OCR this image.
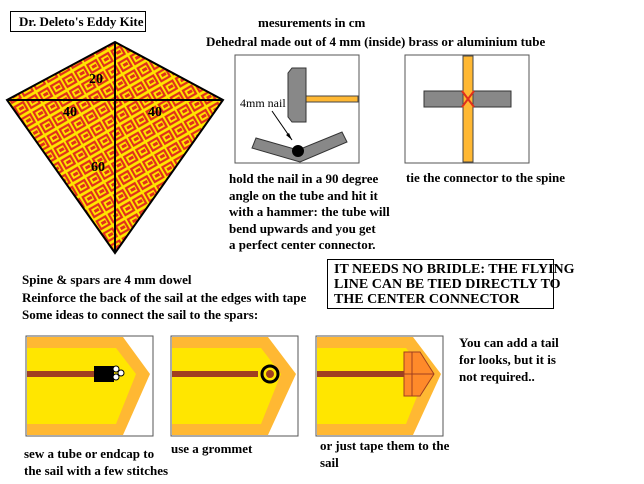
Dr. Deleto's Eddy Kite	mesurements in cm
Dehedral made out of 4 mm (inside) brass or aluminium tube
20
40	40
60
4mm nail
hold the nail in a 90 degree
angle on the tube and hit it
with a hammer: the tube will
bend upwards and you get
a perfect center connector.
tie the connector to the spine
Spine & spars are 4 mm dowel
Reinforce the back of the sail at the edges with tape
Some ideas to connect the sail to the spars:
IT NEEDS NO BRIDLE: THE FLYING
LINE CAN BE TIED DIRECTLY TO
THE CENTER CONNECTOR
You can add a tail
for looks, but it is
not required..
sew a tube or endcap to
the sail with a few stitches
use a grommet	or just tape them to the
sail
